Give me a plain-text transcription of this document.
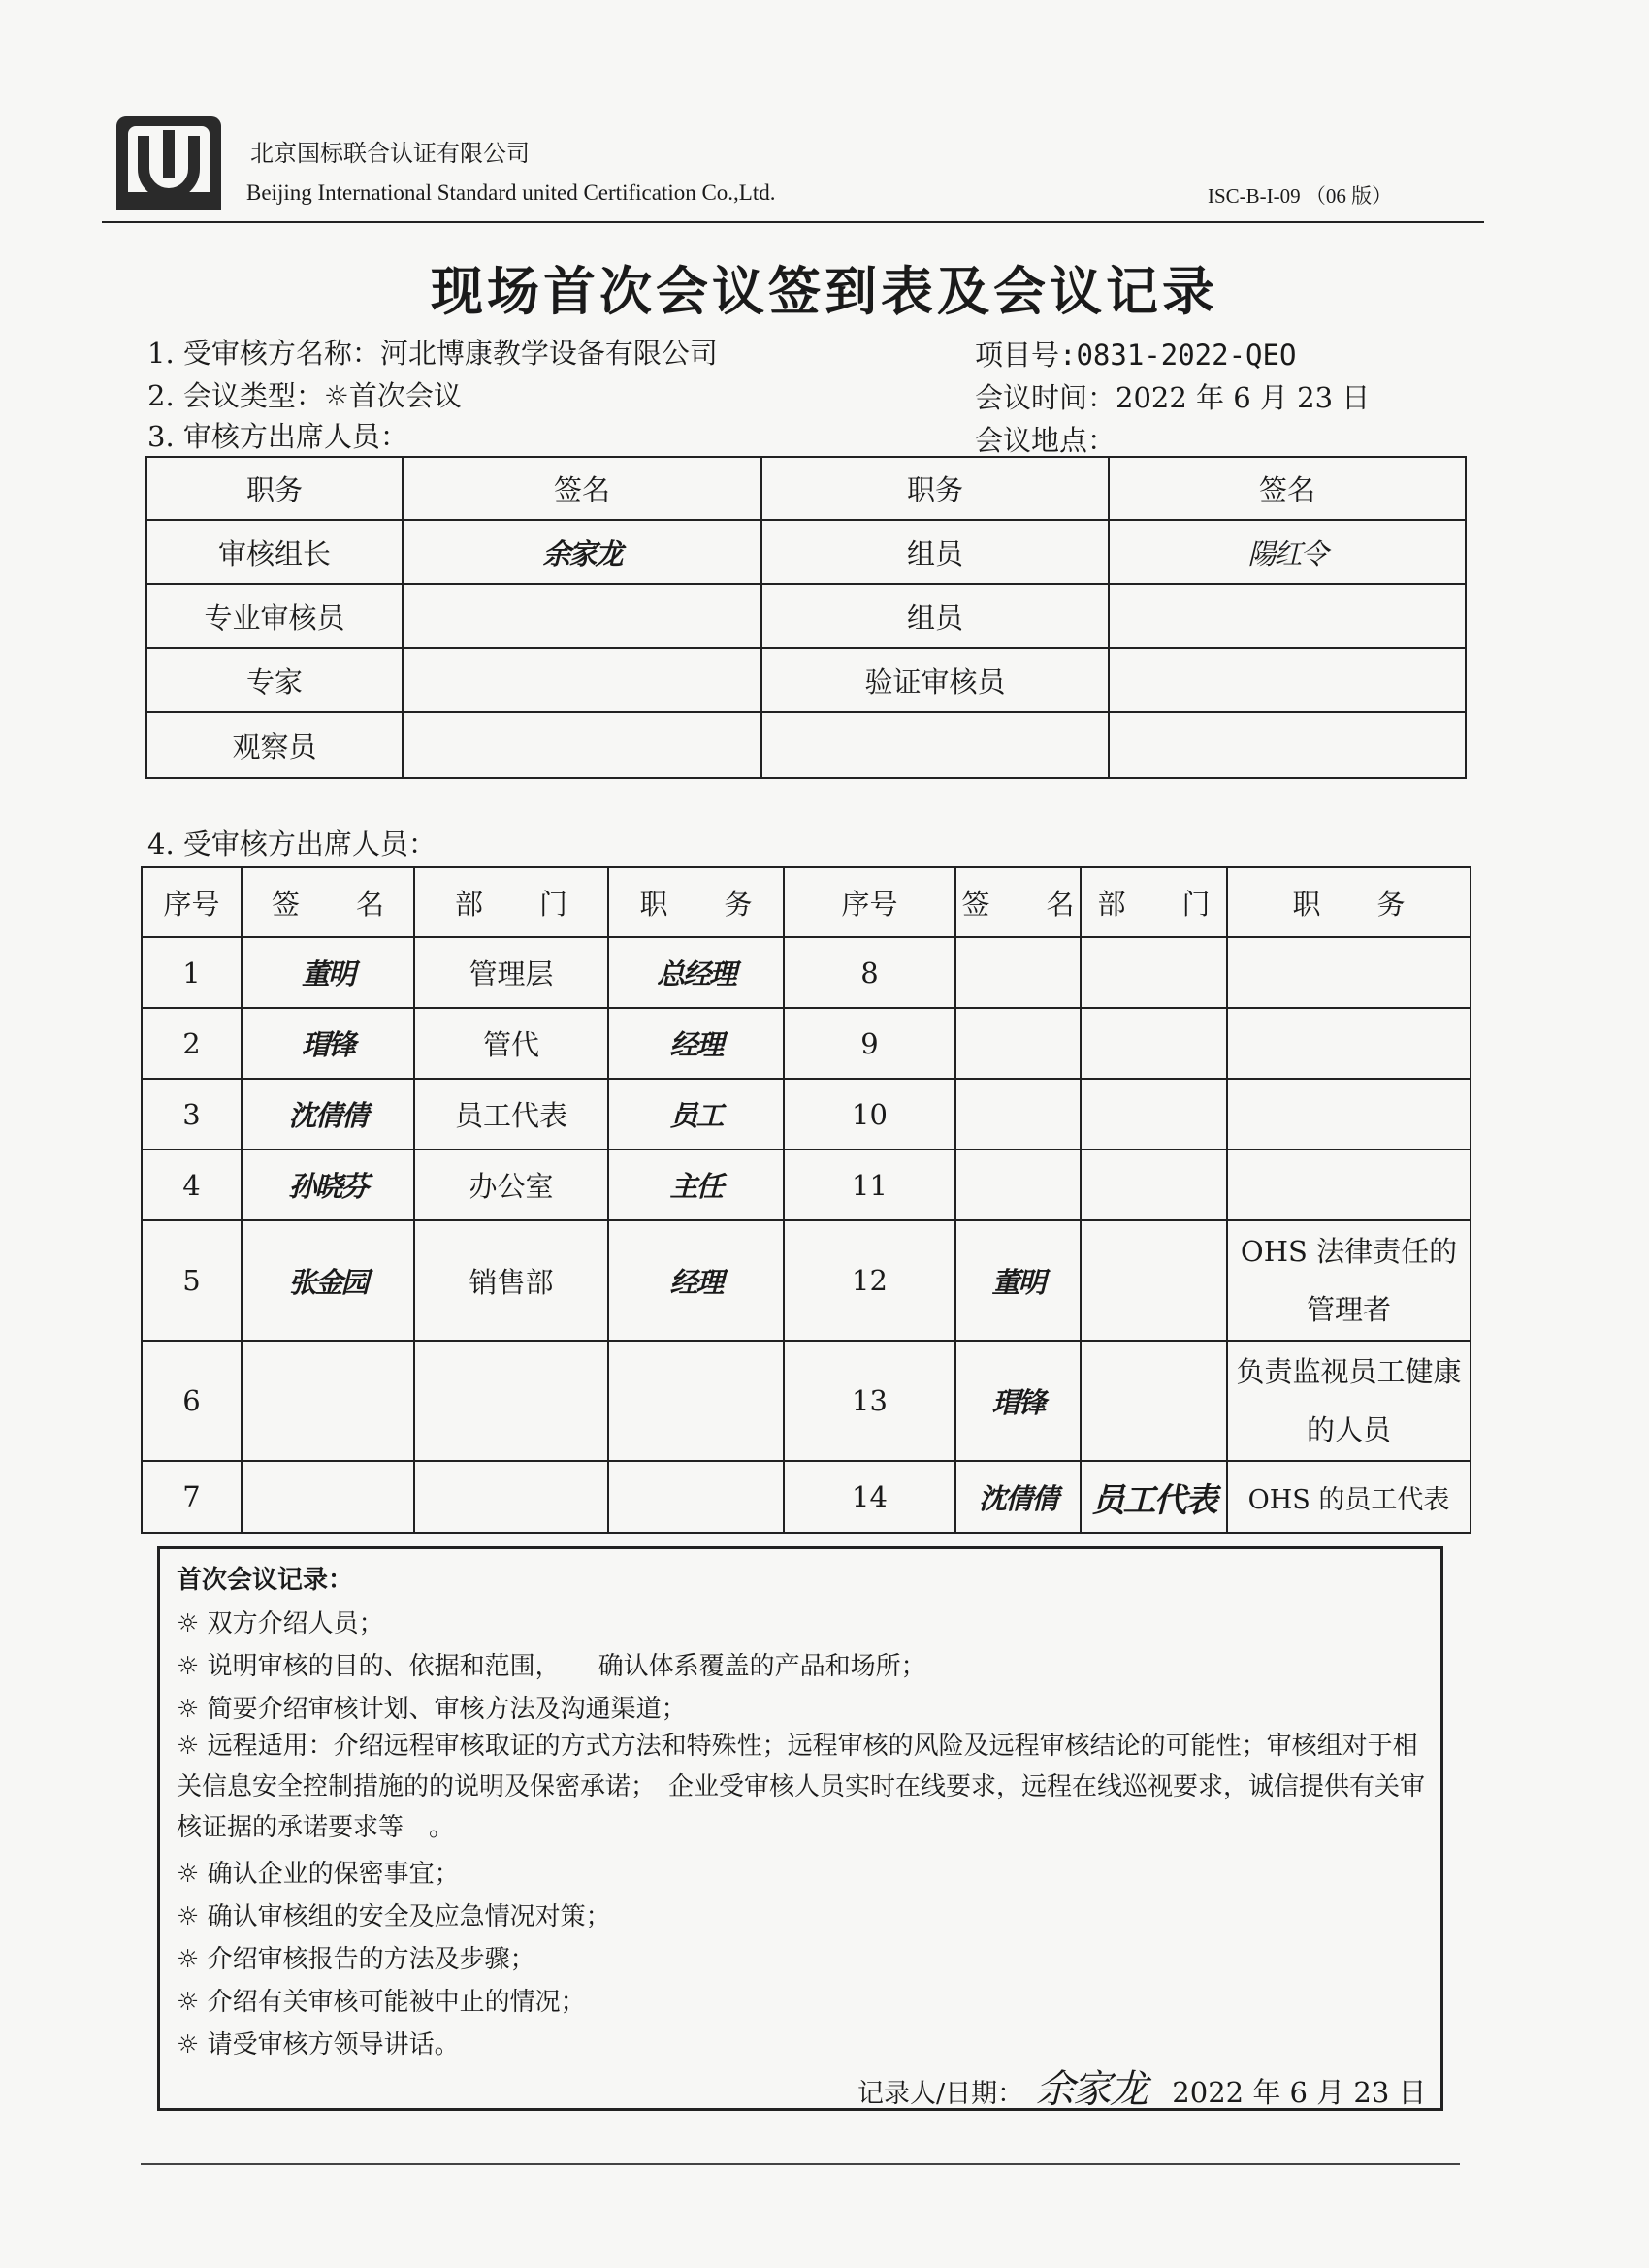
北京国标联合认证有限公司
Beijing International Standard united Certification Co.,Ltd.	ISC-B-I-09 （06 版）
现场首次会议签到表及会议记录
1. 受审核方名称：河北博康教学设备有限公司	项目号:0831-2022-QEO
2. 会议类型：☼首次会议	会议时间：2022 年 6 月 23 日
3. 审核方出席人员：	会议地点：
职务	签名	职务	签名
审核组长	余家龙	组员	陽红令
专业审核员		组员	
专家		验证审核员	
观察员			
4. 受审核方出席人员：
序号	签　　名	部　　门	职　　务	序号	签　　名	部　　门	职　　务
1	董明	管理层	总经理	8			
2	瑁锋	管代	经理	9			
3	沈倩倩	员工代表	员工	10			
4	孙晓芬	办公室	主任	11			
5	张金园	销售部	经理	12	董明		OHS 法律责任的管理者
6				13	瑁锋		负责监视员工健康的人员
7				14	沈倩倩	员工代表	OHS 的员工代表
首次会议记录：
☼ 双方介绍人员；
☼ 说明审核的目的、依据和范围，　　确认体系覆盖的产品和场所；
☼ 简要介绍审核计划、审核方法及沟通渠道；
☼ 远程适用：介绍远程审核取证的方式方法和特殊性；远程审核的风险及远程审核结论的可能性；审核组对于相关信息安全控制措施的的说明及保密承诺；　企业受审核人员实时在线要求，远程在线巡视要求，诚信提供有关审核证据的承诺要求等　。
☼ 确认企业的保密事宜；
☼ 确认审核组的安全及应急情况对策；
☼ 介绍审核报告的方法及步骤；
☼ 介绍有关审核可能被中止的情况；
☼ 请受审核方领导讲话。
记录人/日期： 余家龙 2022 年 6 月 23 日
